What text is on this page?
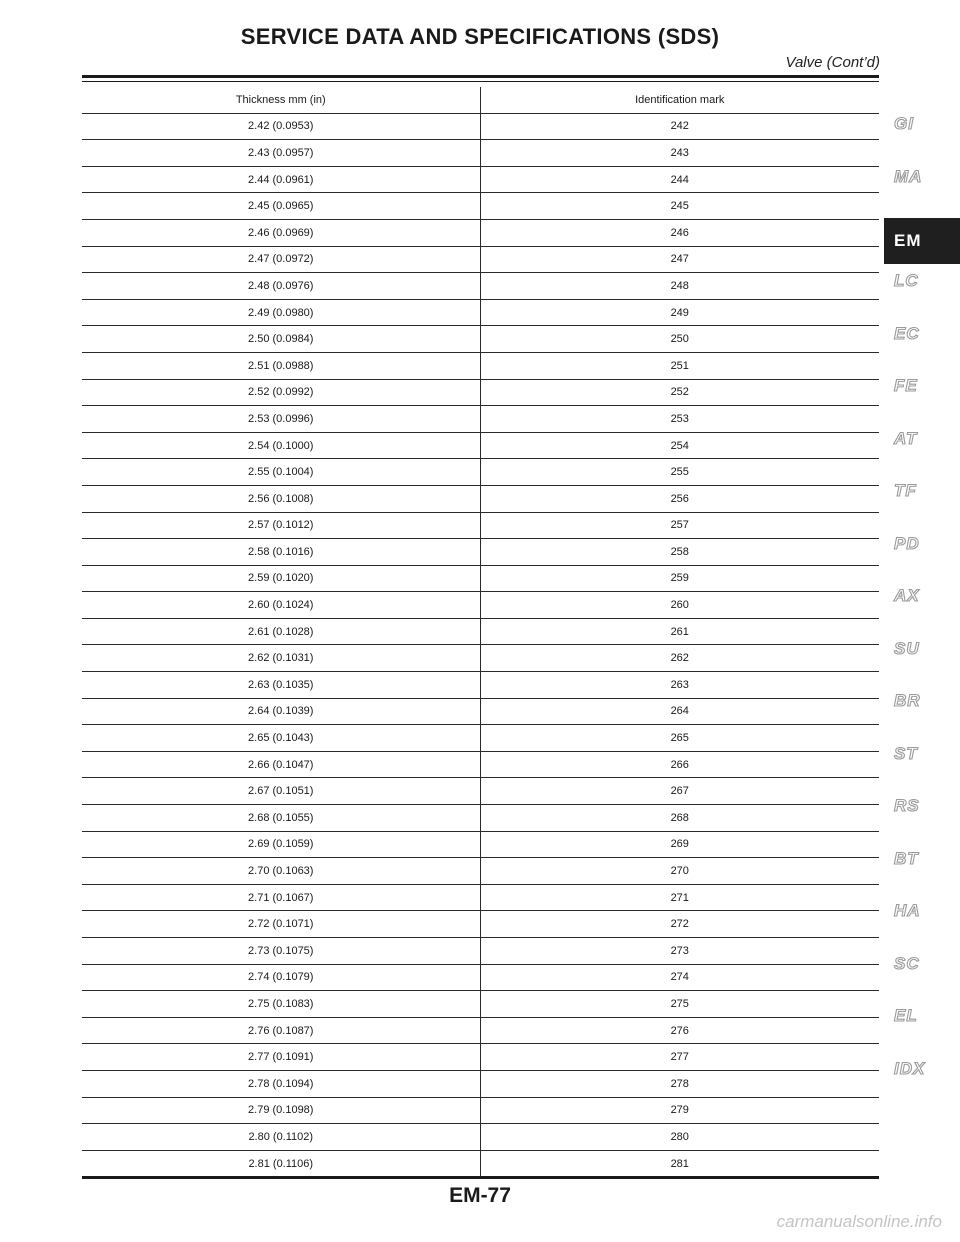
SERVICE DATA AND SPECIFICATIONS (SDS)
Valve (Cont’d)
Thickness mm (in)	Identification mark
2.42 (0.0953)	242
2.43 (0.0957)	243
2.44 (0.0961)	244
2.45 (0.0965)	245
2.46 (0.0969)	246
2.47 (0.0972)	247
2.48 (0.0976)	248
2.49 (0.0980)	249
2.50 (0.0984)	250
2.51 (0.0988)	251
2.52 (0.0992)	252
2.53 (0.0996)	253
2.54 (0.1000)	254
2.55 (0.1004)	255
2.56 (0.1008)	256
2.57 (0.1012)	257
2.58 (0.1016)	258
2.59 (0.1020)	259
2.60 (0.1024)	260
2.61 (0.1028)	261
2.62 (0.1031)	262
2.63 (0.1035)	263
2.64 (0.1039)	264
2.65 (0.1043)	265
2.66 (0.1047)	266
2.67 (0.1051)	267
2.68 (0.1055)	268
2.69 (0.1059)	269
2.70 (0.1063)	270
2.71 (0.1067)	271
2.72 (0.1071)	272
2.73 (0.1075)	273
2.74 (0.1079)	274
2.75 (0.1083)	275
2.76 (0.1087)	276
2.77 (0.1091)	277
2.78 (0.1094)	278
2.79 (0.1098)	279
2.80 (0.1102)	280
2.81 (0.1106)	281
GI
MA
EM
LC
EC
FE
AT
TF
PD
AX
SU
BR
ST
RS
BT
HA
SC
EL
IDX
EM-77
carmanualsonline.info
